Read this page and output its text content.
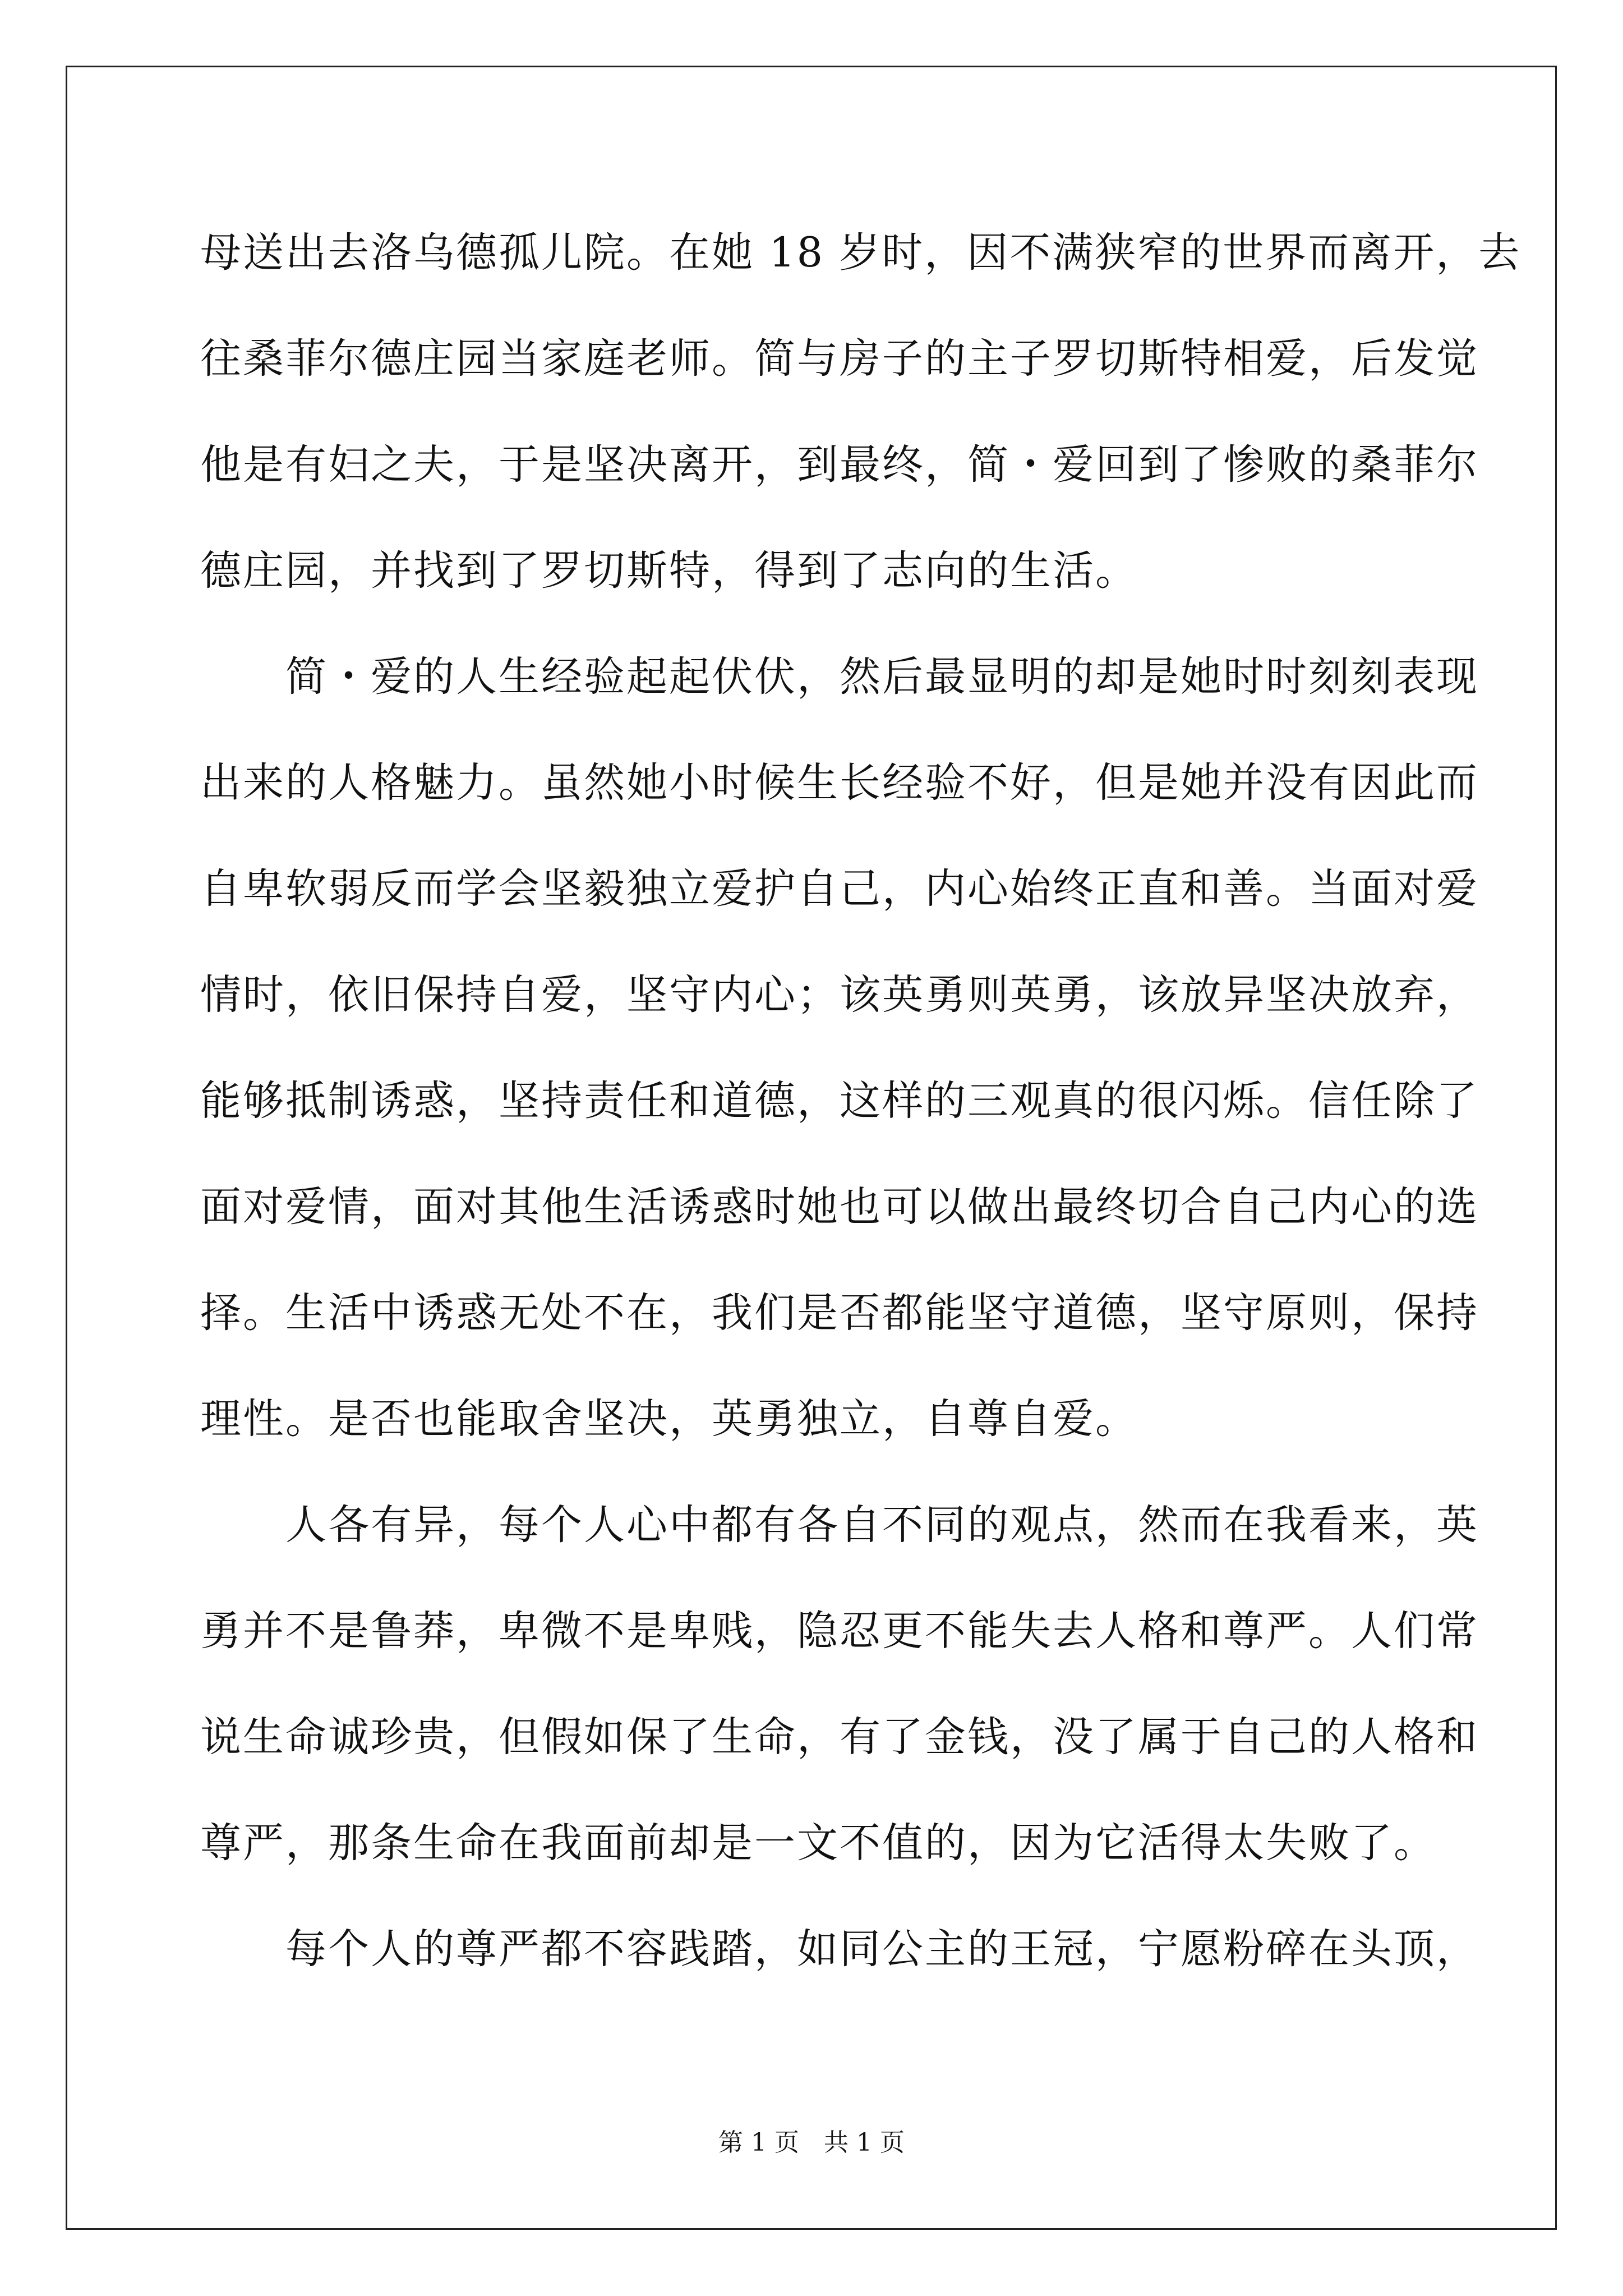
母送出去洛乌德孤儿院。在她 18 岁时，因不满狭窄的世界而离开，去
往桑菲尔德庄园当家庭老师。简与房子的主子罗切斯特相爱，后发觉
他是有妇之夫，于是坚决离开，到最终，简・爱回到了惨败的桑菲尔
德庄园，并找到了罗切斯特，得到了志向的生活。
简・爱的人生经验起起伏伏，然后最显明的却是她时时刻刻表现
出来的人格魅力。虽然她小时候生长经验不好，但是她并没有因此而
自卑软弱反而学会坚毅独立爱护自己，内心始终正直和善。当面对爱
情时，依旧保持自爱，坚守内心；该英勇则英勇，该放异坚决放弃，
能够抵制诱惑，坚持责任和道德，这样的三观真的很闪烁。信任除了
面对爱情，面对其他生活诱惑时她也可以做出最终切合自己内心的选
择。生活中诱惑无处不在，我们是否都能坚守道德，坚守原则，保持
理性。是否也能取舍坚决，英勇独立，自尊自爱。
人各有异，每个人心中都有各自不同的观点，然而在我看来，英
勇并不是鲁莽，卑微不是卑贱，隐忍更不能失去人格和尊严。人们常
说生命诚珍贵，但假如保了生命，有了金钱，没了属于自己的人格和
尊严，那条生命在我面前却是一文不值的，因为它活得太失败了。
每个人的尊严都不容践踏，如同公主的王冠，宁愿粉碎在头顶，
第 1 页　共 1 页
